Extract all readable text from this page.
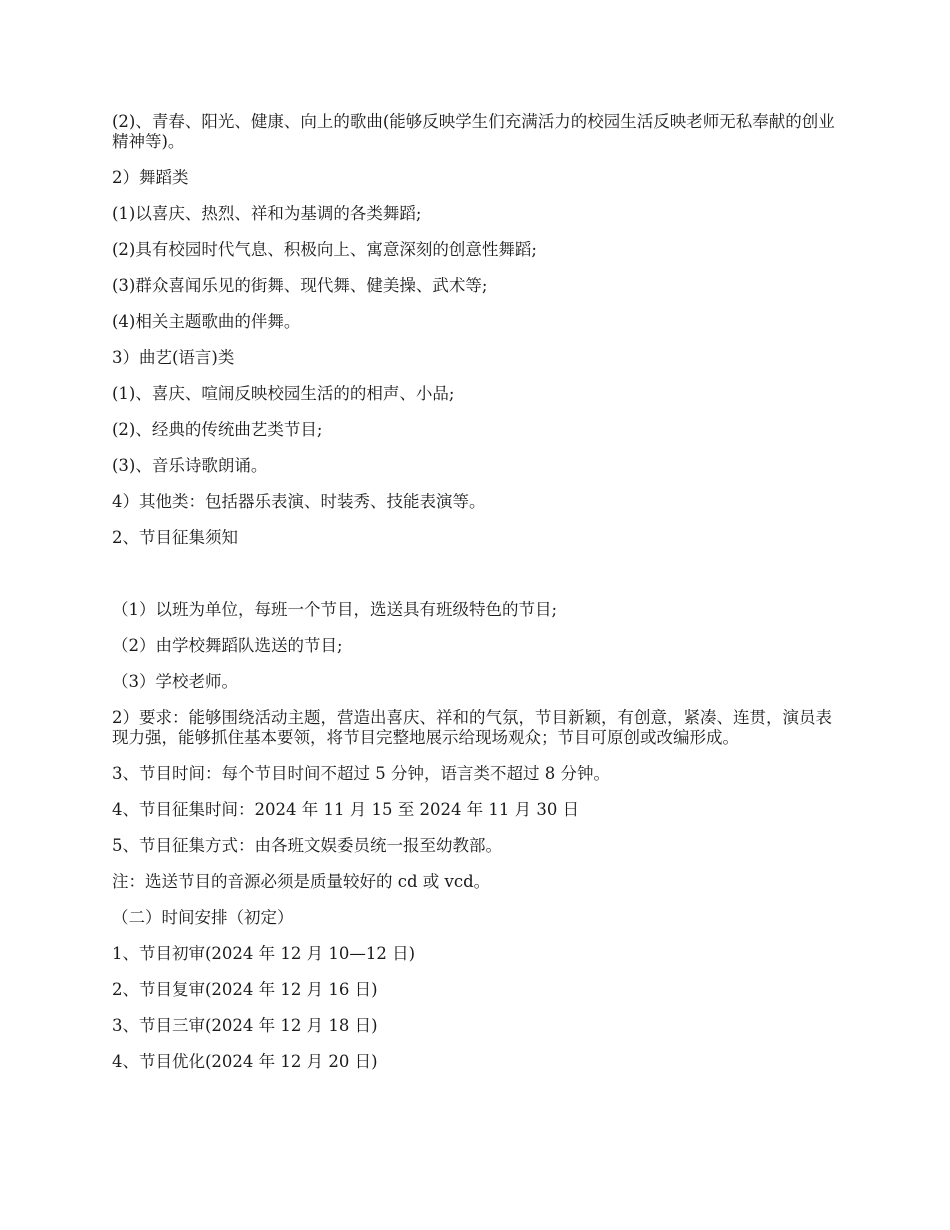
(2)、青春、阳光、健康、向上的歌曲(能够反映学生们充满活力的校园生活反映老师无私奉献的创业精神等)。

2）舞蹈类

(1)以喜庆、热烈、祥和为基调的各类舞蹈;

(2)具有校园时代气息、积极向上、寓意深刻的创意性舞蹈;

(3)群众喜闻乐见的街舞、现代舞、健美操、武术等;

(4)相关主题歌曲的伴舞。

3）曲艺(语言)类

(1)、喜庆、喧闹反映校园生活的的相声、小品;

(2)、经典的传统曲艺类节目;

(3)、音乐诗歌朗诵。

4）其他类：包括器乐表演、时装秀、技能表演等。

2、节目征集须知

（1）以班为单位，每班一个节目，选送具有班级特色的节目;

（2）由学校舞蹈队选送的节目;

（3）学校老师。

2）要求：能够围绕活动主题，营造出喜庆、祥和的气氛，节目新颖，有创意，紧凑、连贯，演员表现力强，能够抓住基本要领，将节目完整地展示给现场观众；节目可原创或改编形成。

3、节目时间：每个节目时间不超过 5 分钟，语言类不超过 8 分钟。

4、节目征集时间：2024 年 11 月 15 至 2024 年 11 月 30 日

5、节目征集方式：由各班文娱委员统一报至幼教部。

注：选送节目的音源必须是质量较好的 cd 或 vcd。

（二）时间安排（初定）

1、节目初审(2024 年 12 月 10—12 日)

2、节目复审(2024 年 12 月 16 日)

3、节目三审(2024 年 12 月 18 日)

4、节目优化(2024 年 12 月 20 日)
